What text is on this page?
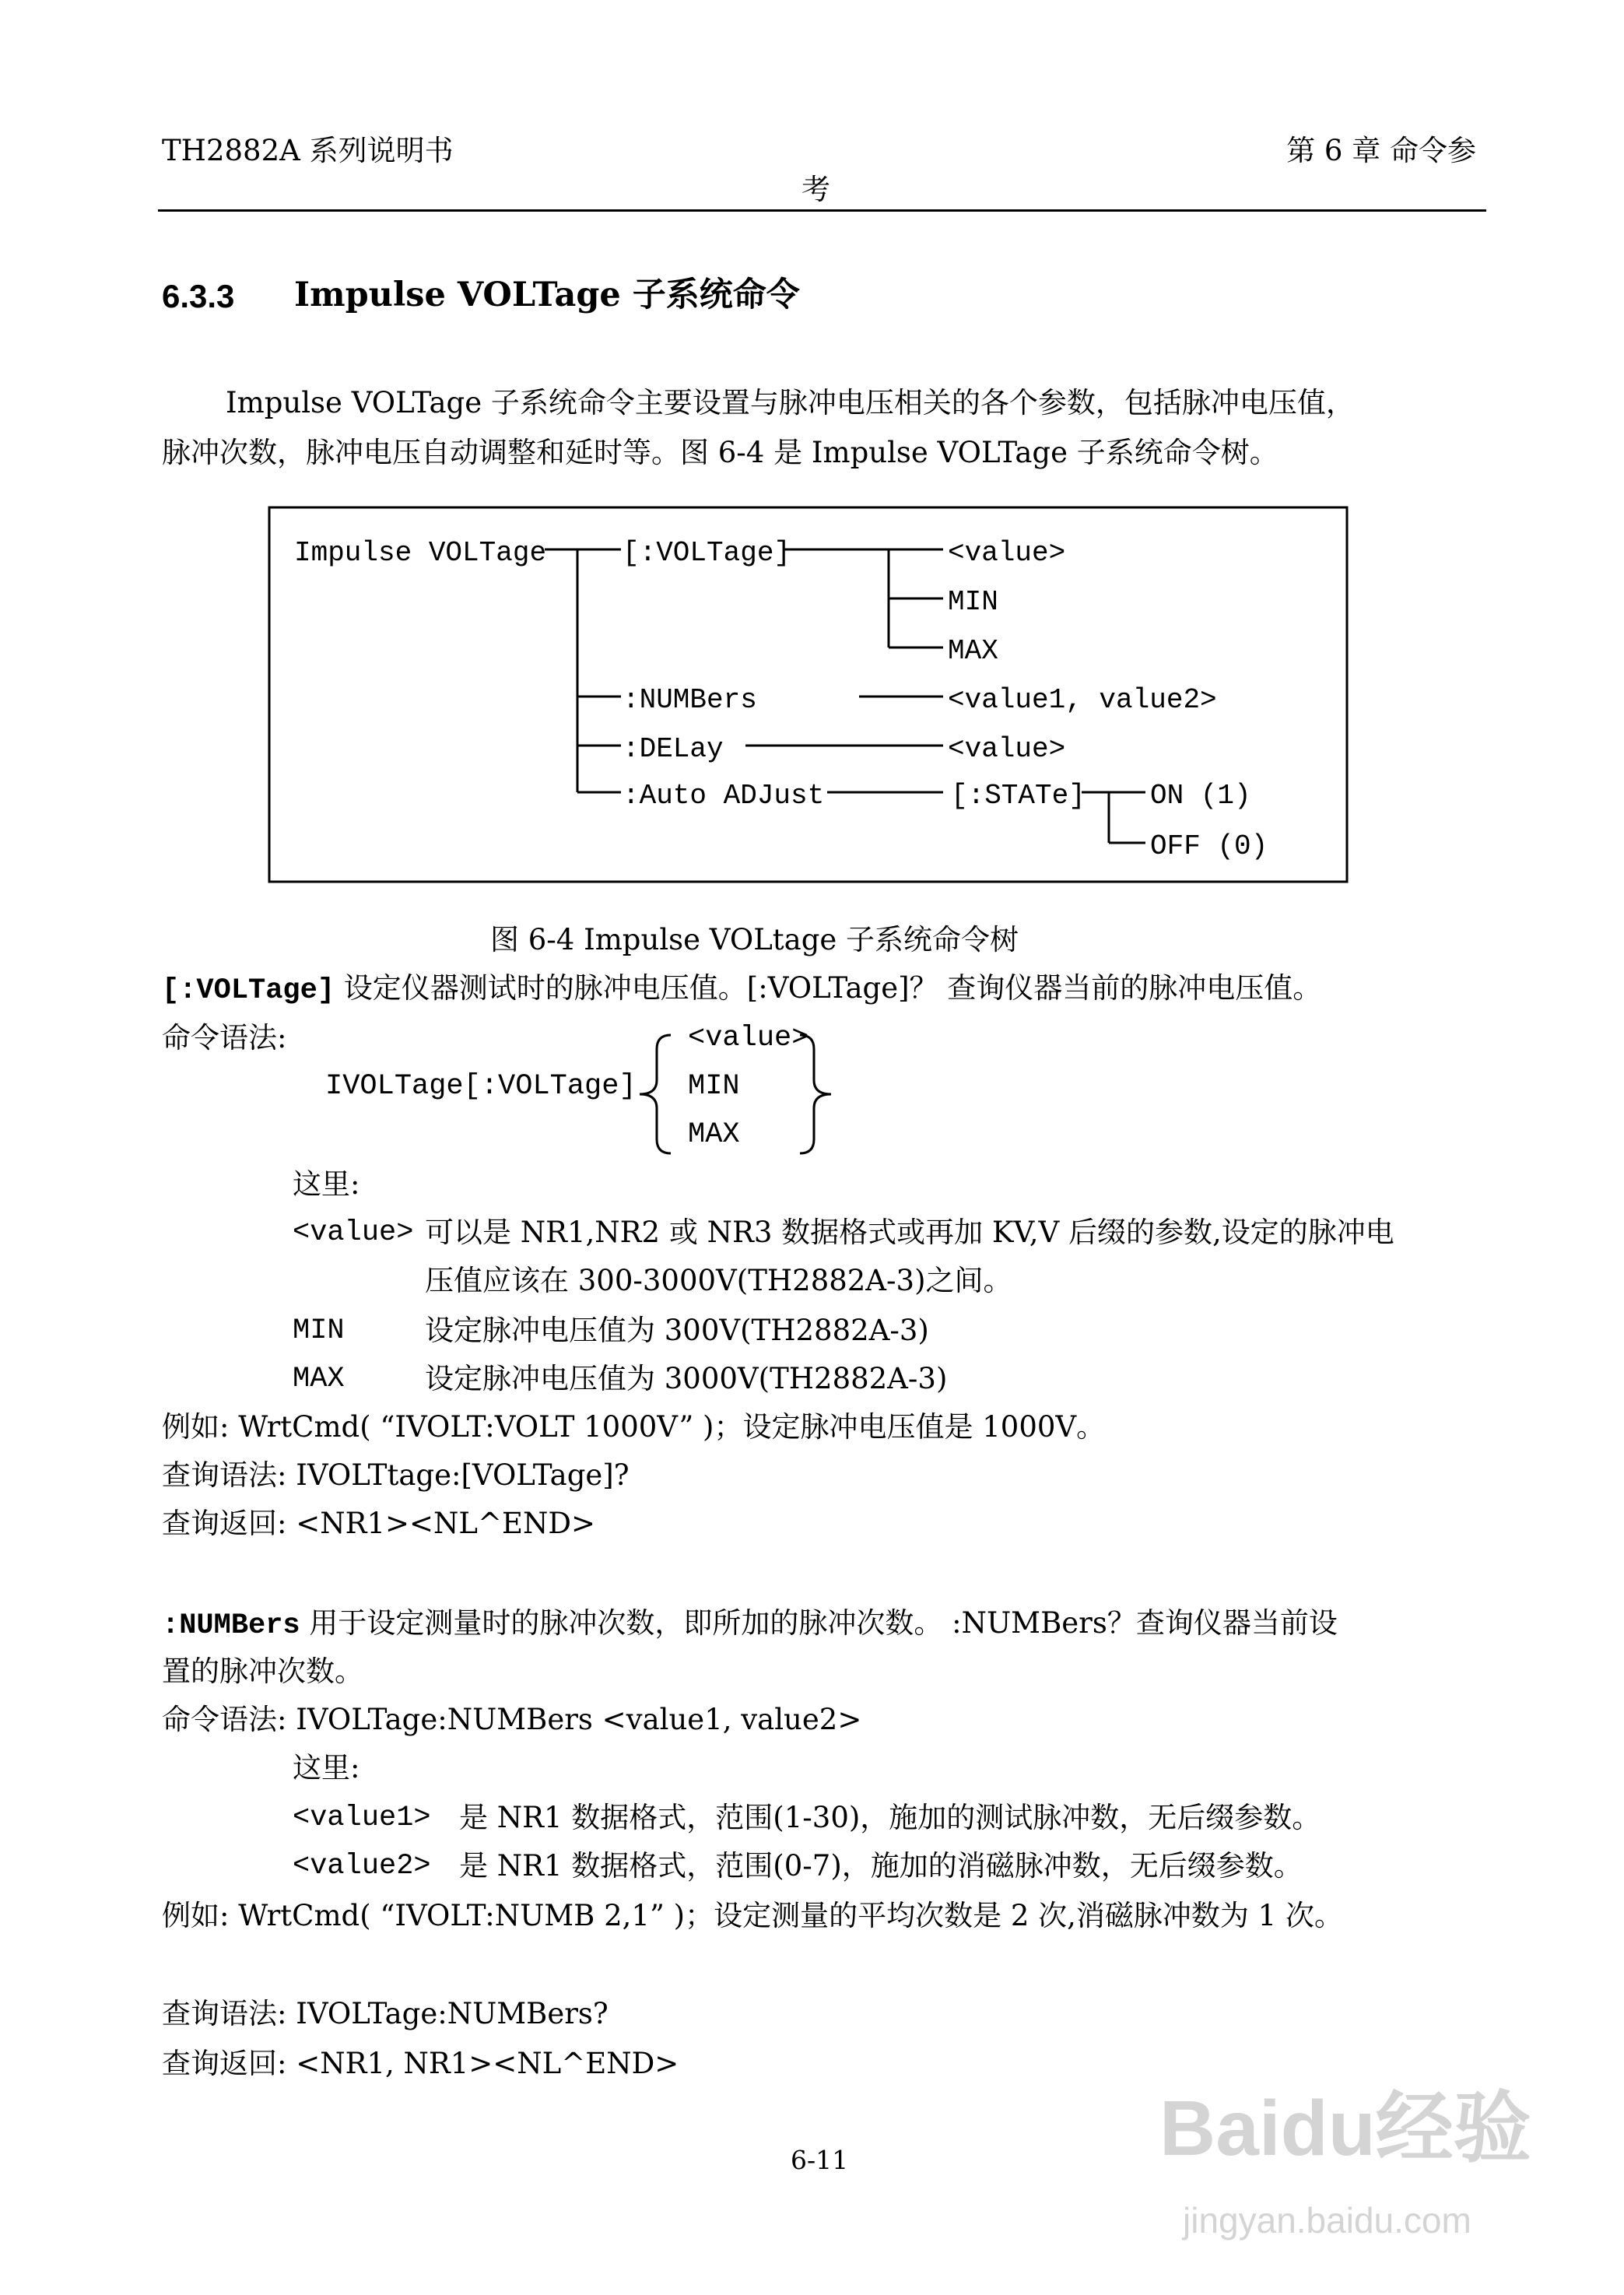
TH2882A 系列说明书	第 6 章 命令参
考
6.3.3 Impulse VOLTage 子系统命令
Impulse VOLTage 子系统命令主要设置与脉冲电压相关的各个参数，包括脉冲电压值，
脉冲次数，脉冲电压自动调整和延时等。图 6-4 是 Impulse VOLTage 子系统命令树。
Impulse VOLTage	[:VOLTage]	<value>
MIN
MAX
:NUMBers	<value1, value2>
:DELay	<value>
:Auto ADJust	[:STATe] ON (1)
OFF (0)
图 6-4 Impulse VOLtage 子系统命令树
[:VOLTage] 设定仪器测试时的脉冲电压值。[:VOLTage]？ 查询仪器当前的脉冲电压值。
命令语法:
IVOLTage[:VOLTage]
<value>
MIN
MAX
这里:
<value> 可以是 NR1,NR2 或 NR3 数据格式或再加 KV,V 后缀的参数,设定的脉冲电
压值应该在 300-3000V(TH2882A-3)之间。
MIN	设定脉冲电压值为 300V(TH2882A-3)
MAX	设定脉冲电压值为 3000V(TH2882A-3)
例如: WrtCmd( “IVOLT:VOLT 1000V” )；设定脉冲电压值是 1000V。
查询语法: IVOLTtage:[VOLTage]?
查询返回: <NR1><NL^END>
:NUMBers 用于设定测量时的脉冲次数，即所加的脉冲次数。 :NUMBers？查询仪器当前设
置的脉冲次数。
命令语法: IVOLTage:NUMBers <value1, value2>
这里:
<value1> 是 NR1 数据格式，范围(1-30)，施加的测试脉冲数，无后缀参数。
<value2> 是 NR1 数据格式，范围(0-7)，施加的消磁脉冲数，无后缀参数。
例如: WrtCmd( “IVOLT:NUMB 2,1” )；设定测量的平均次数是 2 次,消磁脉冲数为 1 次。
查询语法: IVOLTage:NUMBers?
查询返回: <NR1, NR1><NL^END>
6-11	Baidu经验
jingyan.baidu.com
